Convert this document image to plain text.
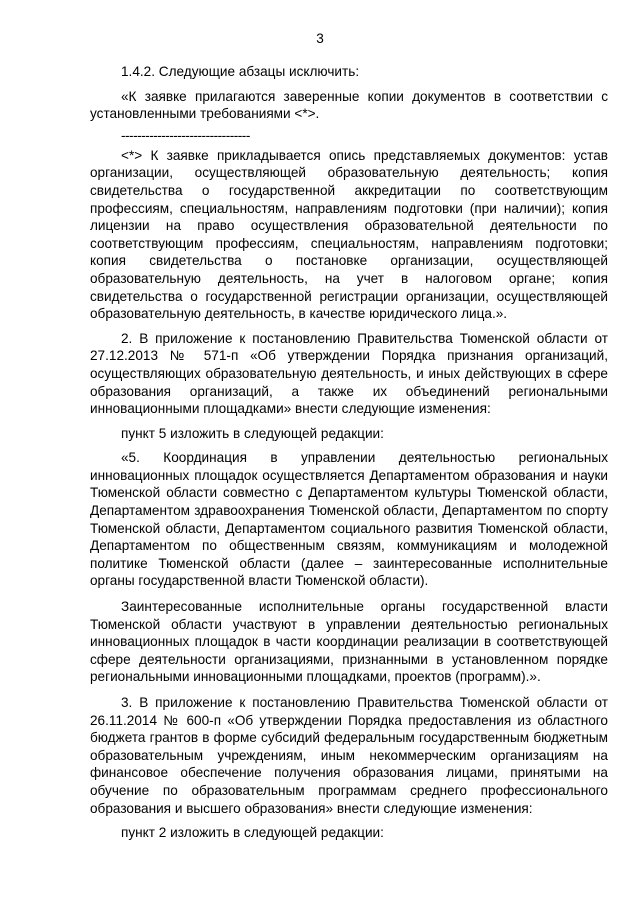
3

1.4.2. Следующие абзацы исключить:

«К заявке прилагаются заверенные копии документов в соответствии с установленными требованиями <*>.

--------------------------------

<*> К заявке прикладывается опись представляемых документов: устав организации, осуществляющей образовательную деятельность; копия свидетельства о государственной аккредитации по соответствующим профессиям, специальностям, направлениям подготовки (при наличии); копия лицензии на право осуществления образовательной деятельности по соответствующим профессиям, специальностям, направлениям подготовки; копия свидетельства о постановке организации, осуществляющей образовательную деятельность, на учет в налоговом органе; копия свидетельства о государственной регистрации организации, осуществляющей образовательную деятельность, в качестве юридического лица.».

2. В приложение к постановлению Правительства Тюменской области от 27.12.2013 № 571-п «Об утверждении Порядка признания организаций, осуществляющих образовательную деятельность, и иных действующих в сфере образования организаций, а также их объединений региональными инновационными площадками» внести следующие изменения:

пункт 5 изложить в следующей редакции:

«5. Координация в управлении деятельностью региональных инновационных площадок осуществляется Департаментом образования и науки Тюменской области совместно с Департаментом культуры Тюменской области, Департаментом здравоохранения Тюменской области, Департаментом по спорту Тюменской области, Департаментом социального развития Тюменской области, Департаментом по общественным связям, коммуникациям и молодежной политике Тюменской области (далее – заинтересованные исполнительные органы государственной власти Тюменской области).

Заинтересованные исполнительные органы государственной власти Тюменской области участвуют в управлении деятельностью региональных инновационных площадок в части координации реализации в соответствующей сфере деятельности организациями, признанными в установленном порядке региональными инновационными площадками, проектов (программ).».

3. В приложение к постановлению Правительства Тюменской области от 26.11.2014 № 600-п «Об утверждении Порядка предоставления из областного бюджета грантов в форме субсидий федеральным государственным бюджетным образовательным учреждениям, иным некоммерческим организациям на финансовое обеспечение получения образования лицами, принятыми на обучение по образовательным программам среднего профессионального образования и высшего образования» внести следующие изменения:

пункт 2 изложить в следующей редакции:
